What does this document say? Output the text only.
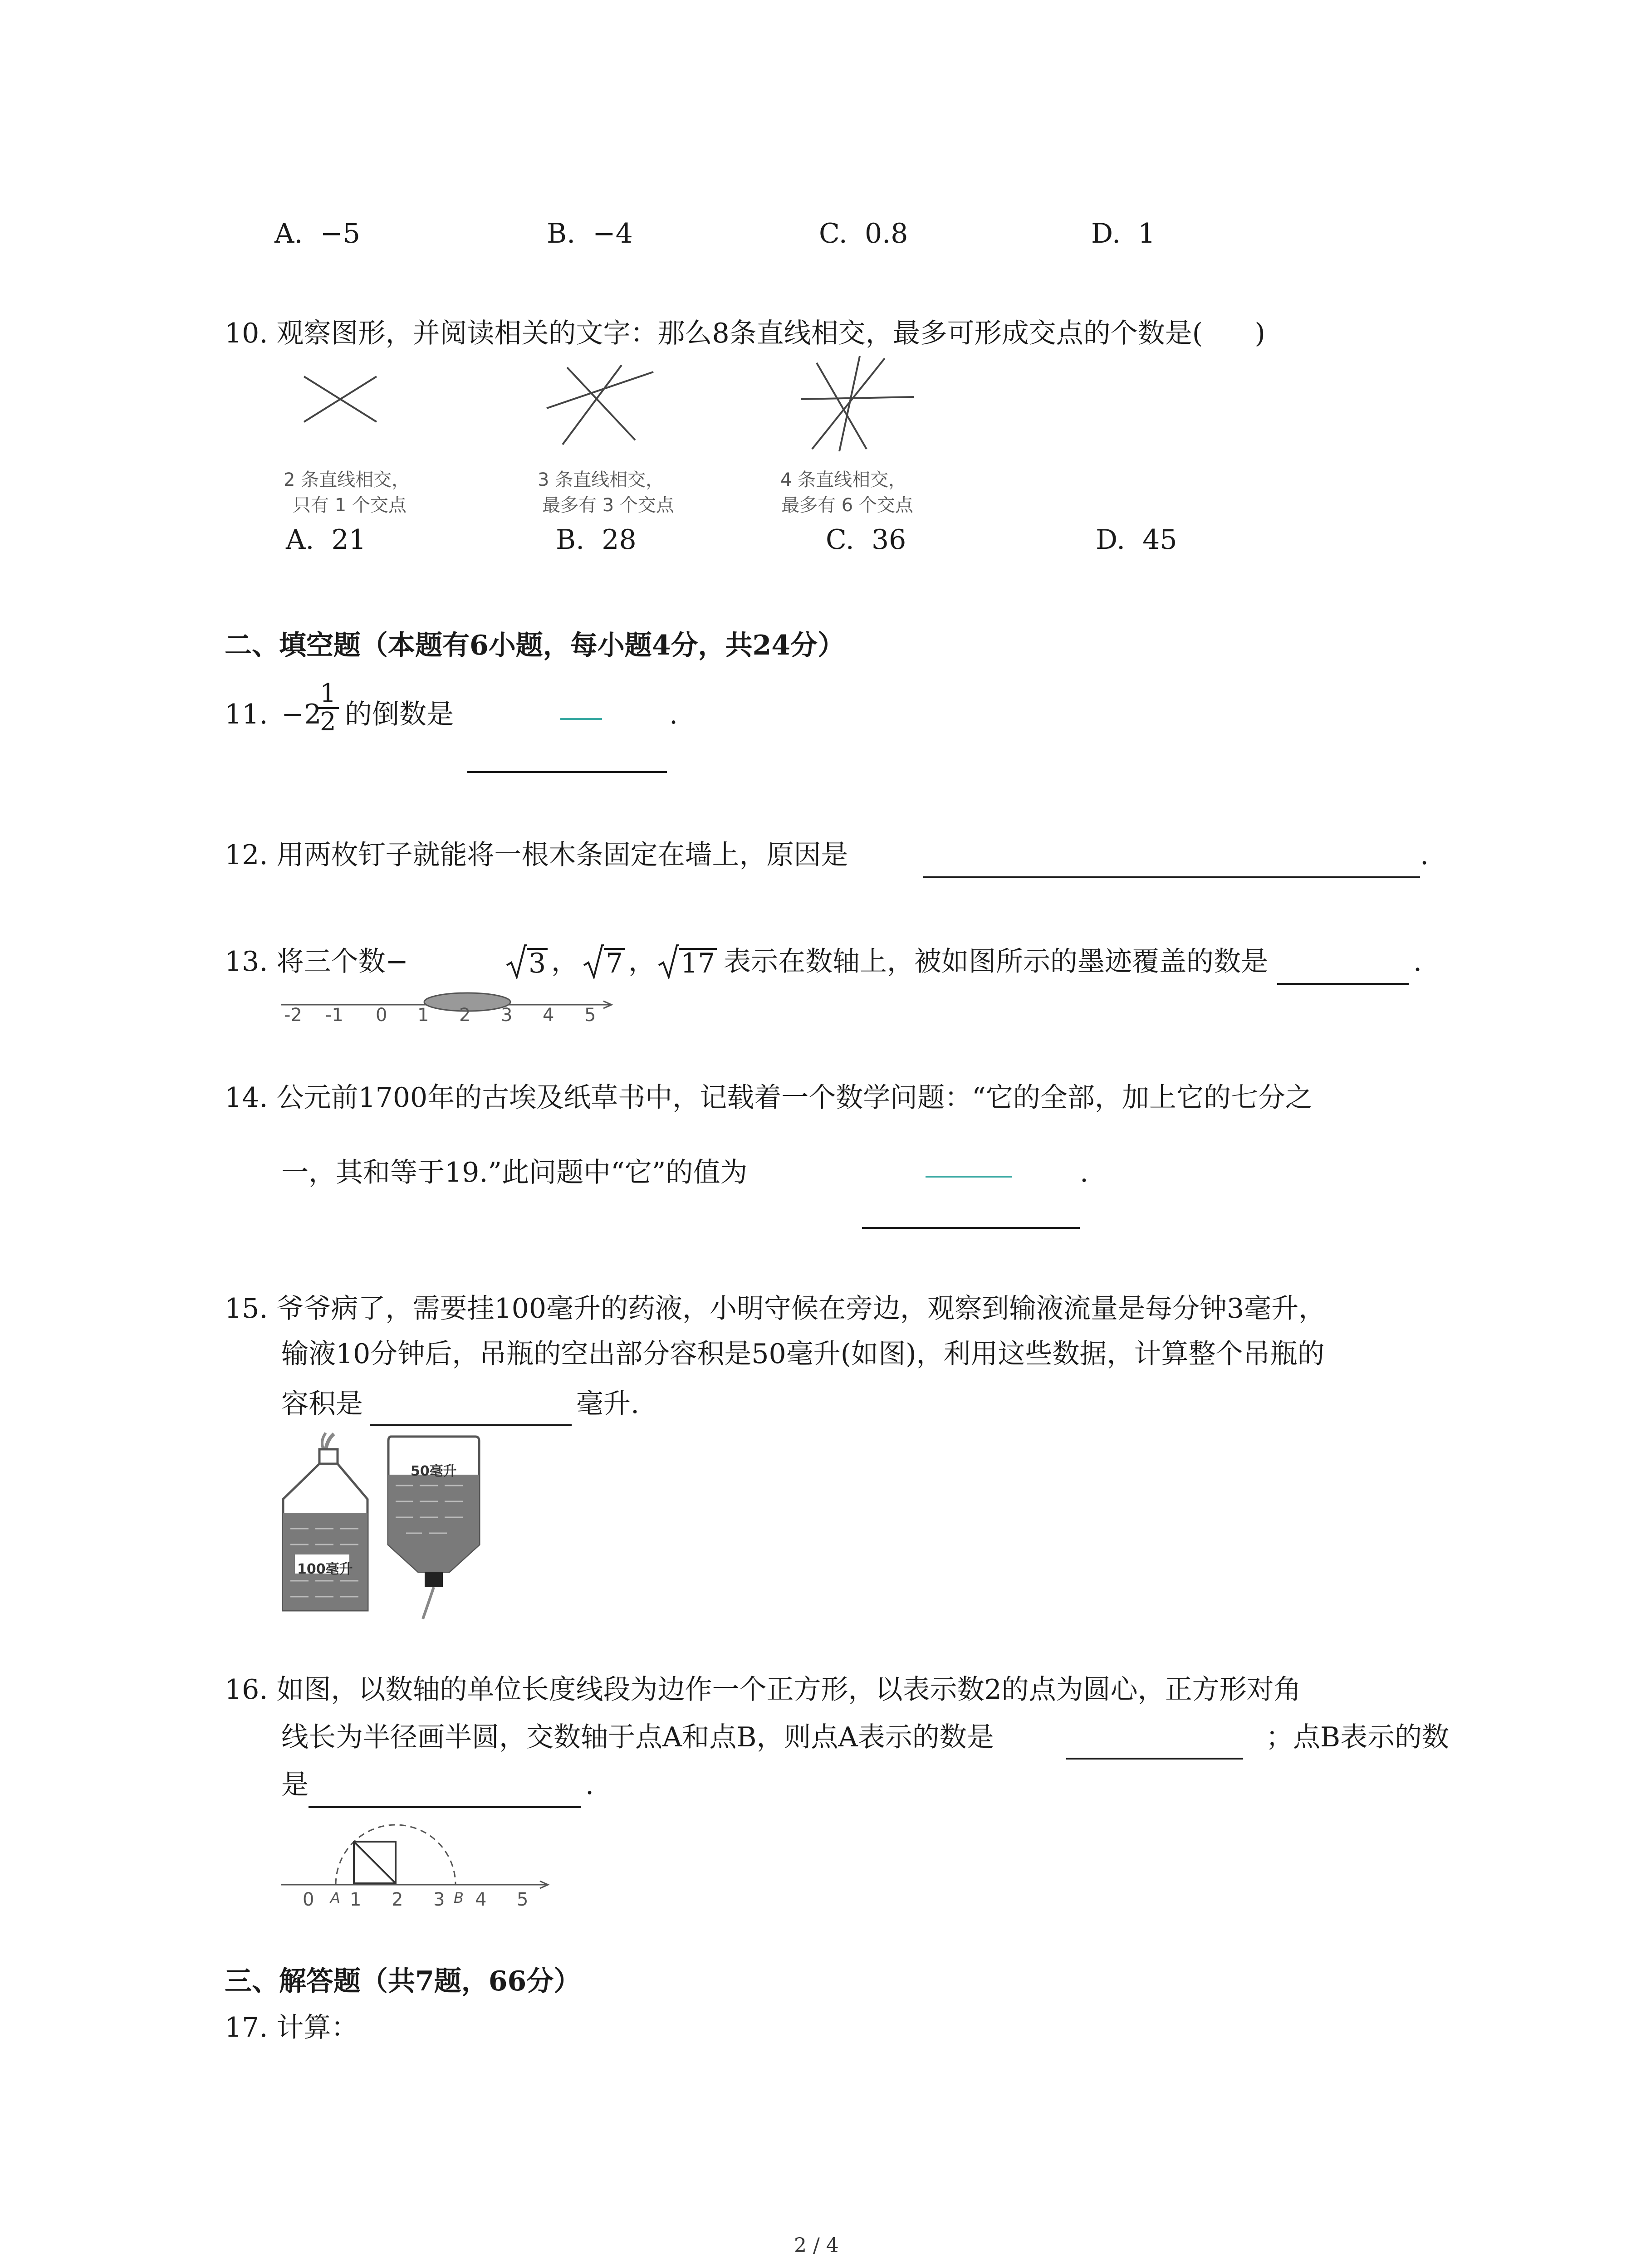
A.  −5	B.  −4	C.  0.8	D.  1
10. 观察图形，并阅读相关的文字：那么8条直线相交，最多可形成交点的个数是(      )
2 条直线相交，
只有 1 个交点
3 条直线相交，
最多有 3 个交点
4 条直线相交，
最多有 6 个交点
A.  21	B.  28	C.  36	D.  45
二、填空题（本题有6小题，每小题4分，共24分）
11. −2
$\frac{1}{2}$ 的倒数是	.
12. 用两枚钉子就能将一根木条固定在墙上，原因是	.
13. 将三个数−	3 ，	7 ， 17 表示在数轴上，被如图所示的墨迹覆盖的数是	.
-2 -1 0 1 2 3 4 5
14. 公元前1700年的古埃及纸草书中，记载着一个数学问题：“它的全部，加上它的七分之
一，其和等于19.”此问题中“它”的值为	.
15. 爷爷病了，需要挂100毫升的药液，小明守候在旁边，观察到输液流量是每分钟3毫升，
输液10分钟后，吊瓶的空出部分容积是50毫升(如图)，利用这些数据，计算整个吊瓶的
容积是	毫升.
100毫升
50毫升
16. 如图，以数轴的单位长度线段为边作一个正方形，以表示数2的点为圆心，正方形对角
线长为半径画半圆，交数轴于点A和点B，则点A表示的数是	；点B表示的数
是	.
0 A 1 2 3 B 4 5
三、解答题（共7题，66分）
17. 计算：
2 / 4
